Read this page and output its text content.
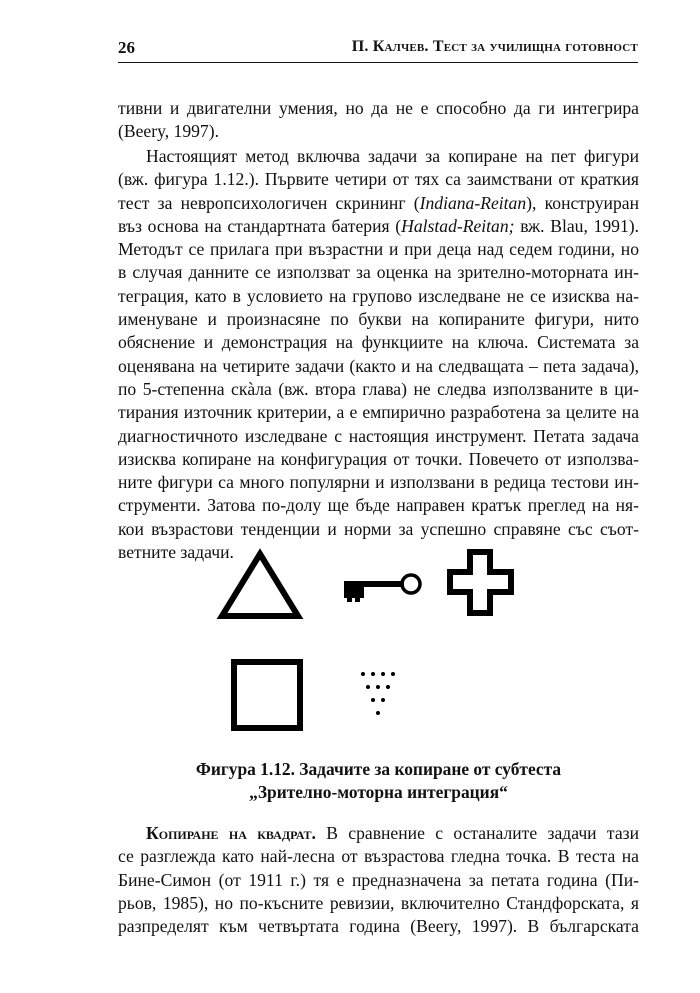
26	П. Калчев. Тест за училищна готовност
тивни и двигателни умения, но да не е способно да ги интегрира
(Beery, 1997).
Настоящият метод включва задачи за копиране на пет фигури
(вж. фигура 1.12.). Първите четири от тях са заимствани от краткия
тест за невропсихологичен скрининг (Indiana-Reitan), конструиран
въз основа на стандартната батерия (Halstad-Reitan; вж. Blau, 1991).
Методът се прилага при възрастни и при деца над седем години, но
в случая данните се използват за оценка на зрително-моторната ин-
теграция, като в условието на групово изследване не се изисква на-
именуване и произнасяне по букви на копираните фигури, нито
обяснение и демонстрация на функциите на ключа. Системата за
оценявана на четирите задачи (както и на следващата – пета задача),
по 5-степенна скàла (вж. втора глава) не следва използваните в ци-
тирания източник критерии, а е емпирично разработена за целите на
диагностичното изследване с настоящия инструмент. Петата задача
изисква копиране на конфигурация от точки. Повечето от използва-
ните фигури са много популярни и използвани в редица тестови ин-
струменти. Затова по-долу ще бъде направен кратък преглед на ня-
кои възрастови тенденции и норми за успешно справяне със съот-
ветните задачи.
Фигура 1.12. Задачите за копиране от субтеста
„Зрително-моторна интеграция“
Копиране на квадрат. В сравнение с останалите задачи тази
се разглежда като най-лесна от възрастова гледна точка. В теста на
Бине-Симон (от 1911 г.) тя е предназначена за петата година (Пи-
рьов, 1985), но по-късните ревизии, включително Стандфорската, я
разпределят към четвъртата година (Beery, 1997). В българската
